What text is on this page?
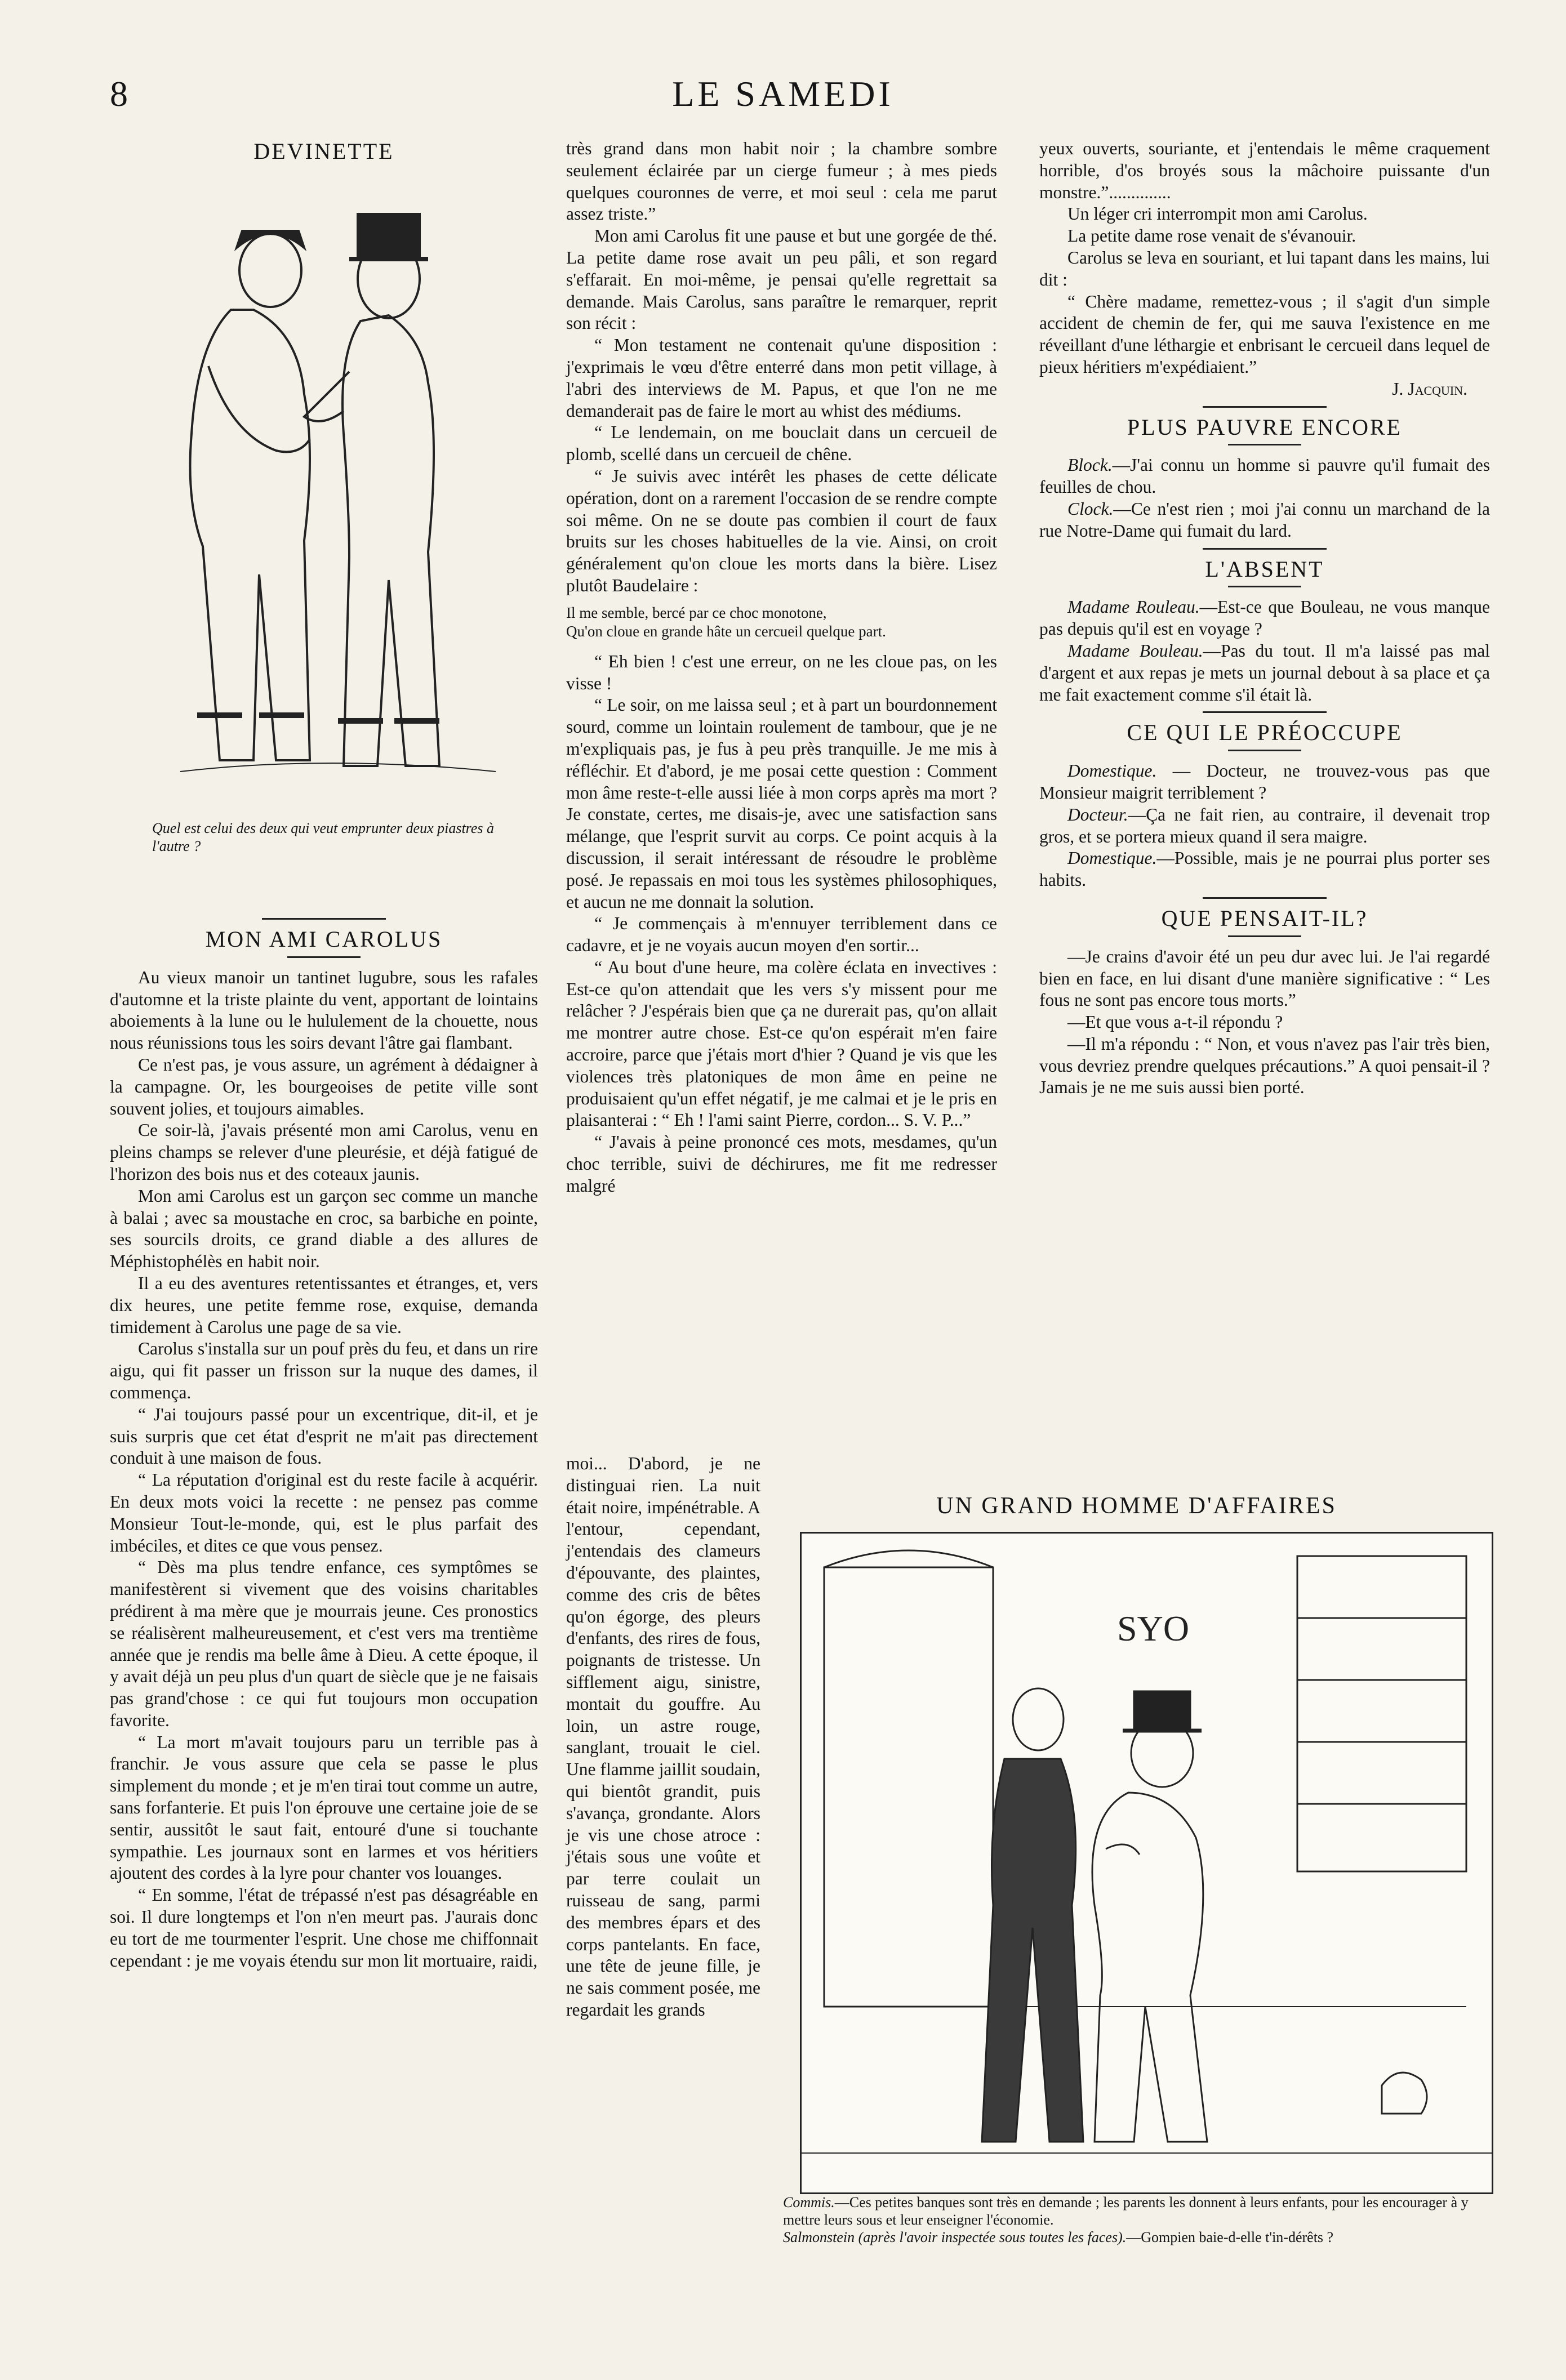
8	LE SAMEDI
DEVINETTE
Quel est celui des deux qui veut emprunter deux piastres à l'autre ?
MON AMI CAROLUS

Au vieux manoir un tantinet lugubre, sous les rafales d'automne et la triste plainte du vent, apportant de lointains aboiements à la lune ou le hululement de la chouette, nous nous réunissions tous les soirs devant l'âtre gai flambant.

Ce n'est pas, je vous assure, un agrément à dédaigner à la campagne. Or, les bourgeoises de petite ville sont souvent jolies, et toujours aimables.

Ce soir-là, j'avais présenté mon ami Carolus, venu en pleins champs se relever d'une pleurésie, et déjà fatigué de l'horizon des bois nus et des coteaux jaunis.

Mon ami Carolus est un garçon sec comme un manche à balai ; avec sa moustache en croc, sa barbiche en pointe, ses sourcils droits, ce grand diable a des allures de Méphistophélès en habit noir.

Il a eu des aventures retentissantes et étranges, et, vers dix heures, une petite femme rose, exquise, demanda timidement à Carolus une page de sa vie.

Carolus s'installa sur un pouf près du feu, et dans un rire aigu, qui fit passer un frisson sur la nuque des dames, il commença.

“ J'ai toujours passé pour un excentrique, dit-il, et je suis surpris que cet état d'esprit ne m'ait pas directement conduit à une maison de fous.

“ La réputation d'original est du reste facile à acquérir. En deux mots voici la recette : ne pensez pas comme Monsieur Tout-le-monde, qui, est le plus parfait des imbéciles, et dites ce que vous pensez.

“ Dès ma plus tendre enfance, ces symptômes se manifestèrent si vivement que des voisins charitables prédirent à ma mère que je mourrais jeune. Ces pronostics se réalisèrent malheureusement, et c'est vers ma trentième année que je rendis ma belle âme à Dieu. A cette époque, il y avait déjà un peu plus d'un quart de siècle que je ne faisais pas grand'chose : ce qui fut toujours mon occupation favorite.

“ La mort m'avait toujours paru un terrible pas à franchir. Je vous assure que cela se passe le plus simplement du monde ; et je m'en tirai tout comme un autre, sans forfanterie. Et puis l'on éprouve une certaine joie de se sentir, aussitôt le saut fait, entouré d'une si touchante sympathie. Les journaux sont en larmes et vos héritiers ajoutent des cordes à la lyre pour chanter vos louanges.

“ En somme, l'état de trépassé n'est pas désagréable en soi. Il dure longtemps et l'on n'en meurt pas. J'aurais donc eu tort de me tourmenter l'esprit. Une chose me chiffonnait cependant : je me voyais étendu sur mon lit mortuaire, raidi,

très grand dans mon habit noir ; la chambre sombre seulement éclairée par un cierge fumeur ; à mes pieds quelques couronnes de verre, et moi seul : cela me parut assez triste.”

Mon ami Carolus fit une pause et but une gorgée de thé. La petite dame rose avait un peu pâli, et son regard s'effarait. En moi-même, je pensai qu'elle regrettait sa demande. Mais Carolus, sans paraître le remarquer, reprit son récit :

“ Mon testament ne contenait qu'une disposition : j'exprimais le vœu d'être enterré dans mon petit village, à l'abri des interviews de M. Papus, et que l'on ne me demanderait pas de faire le mort au whist des médiums.

“ Le lendemain, on me bouclait dans un cercueil de plomb, scellé dans un cercueil de chêne.

“ Je suivis avec intérêt les phases de cette délicate opération, dont on a rarement l'occasion de se rendre compte soi même. On ne se doute pas combien il court de faux bruits sur les choses habituelles de la vie. Ainsi, on croit généralement qu'on cloue les morts dans la bière. Lisez plutôt Baudelaire :

Il me semble, bercé par ce choc monotone,
Qu'on cloue en grande hâte un cercueil quelque part.

“ Eh bien ! c'est une erreur, on ne les cloue pas, on les visse !

“ Le soir, on me laissa seul ; et à part un bourdonnement sourd, comme un lointain roulement de tambour, que je ne m'expliquais pas, je fus à peu près tranquille. Je me mis à réfléchir. Et d'abord, je me posai cette question : Comment mon âme reste-t-elle aussi liée à mon corps après ma mort ? Je constate, certes, me disais-je, avec une satisfaction sans mélange, que l'esprit survit au corps. Ce point acquis à la discussion, il serait intéressant de résoudre le problème posé. Je repassais en moi tous les systèmes philosophiques, et aucun ne me donnait la solution.

“ Je commençais à m'ennuyer terriblement dans ce cadavre, et je ne voyais aucun moyen d'en sortir...

“ Au bout d'une heure, ma colère éclata en invectives : Est-ce qu'on attendait que les vers s'y missent pour me relâcher ? J'espérais bien que ça ne durerait pas, qu'on allait me montrer autre chose. Est-ce qu'on espérait m'en faire accroire, parce que j'étais mort d'hier ? Quand je vis que les violences très platoniques de mon âme en peine ne produisaient qu'un effet négatif, je me calmai et je le pris en plaisanterai : “ Eh ! l'ami saint Pierre, cordon... S. V. P...”

“ J'avais à peine prononcé ces mots, mesdames, qu'un choc terrible, suivi de déchirures, me fit me redresser malgré

moi... D'abord, je ne distinguai rien. La nuit était noire, impénétrable. A l'entour, cependant, j'entendais des clameurs d'épouvante, des plaintes, comme des cris de bêtes qu'on égorge, des pleurs d'enfants, des rires de fous, poignants de tristesse. Un sifflement aigu, sinistre, montait du gouffre. Au loin, un astre rouge, sanglant, trouait le ciel. Une flamme jaillit soudain, qui bientôt grandit, puis s'avança, grondante. Alors je vis une chose atroce : j'étais sous une voûte et par terre coulait un ruisseau de sang, parmi des membres épars et des corps pantelants. En face, une tête de jeune fille, je ne sais comment posée, me regardait les grands

yeux ouverts, souriante, et j'entendais le même craquement horrible, d'os broyés sous la mâchoire puissante d'un monstre.”..............

Un léger cri interrompit mon ami Carolus.

La petite dame rose venait de s'évanouir.

Carolus se leva en souriant, et lui tapant dans les mains, lui dit :

“ Chère madame, remettez-vous ; il s'agit d'un simple accident de chemin de fer, qui me sauva l'existence en me réveillant d'une léthargie et enbrisant le cercueil dans lequel de pieux héritiers m'expédiaient.”

J. Jacquin.
PLUS PAUVRE ENCORE

Block.—J'ai connu un homme si pauvre qu'il fumait des feuilles de chou.

Clock.—Ce n'est rien ; moi j'ai connu un marchand de la rue Notre-Dame qui fumait du lard.

L'ABSENT

Madame Rouleau.—Est-ce que Bouleau, ne vous manque pas depuis qu'il est en voyage ?

Madame Bouleau.—Pas du tout. Il m'a laissé pas mal d'argent et aux repas je mets un journal debout à sa place et ça me fait exactement comme s'il était là.

CE QUI LE PRÉOCCUPE

Domestique. — Docteur, ne trouvez-vous pas que Monsieur maigrit terriblement ?

Docteur.—Ça ne fait rien, au contraire, il devenait trop gros, et se portera mieux quand il sera maigre.

Domestique.—Possible, mais je ne pourrai plus porter ses habits.

QUE PENSAIT-IL?

—Je crains d'avoir été un peu dur avec lui. Je l'ai regardé bien en face, en lui disant d'une manière significative : “ Les fous ne sont pas encore tous morts.”

—Et que vous a-t-il répondu ?

—Il m'a répondu : “ Non, et vous n'avez pas l'air très bien, vous devriez prendre quelques précautions.” A quoi pensait-il ? Jamais je ne me suis aussi bien porté.

UN GRAND HOMME D'AFFAIRES
SYO
Commis.—Ces petites banques sont très en demande ; les parents les donnent à leurs enfants, pour les encourager à y mettre leurs sous et leur enseigner l'économie.
Salmonstein (après l'avoir inspectée sous toutes les faces).—Gompien baie-d-elle t'in-dérêts ?
